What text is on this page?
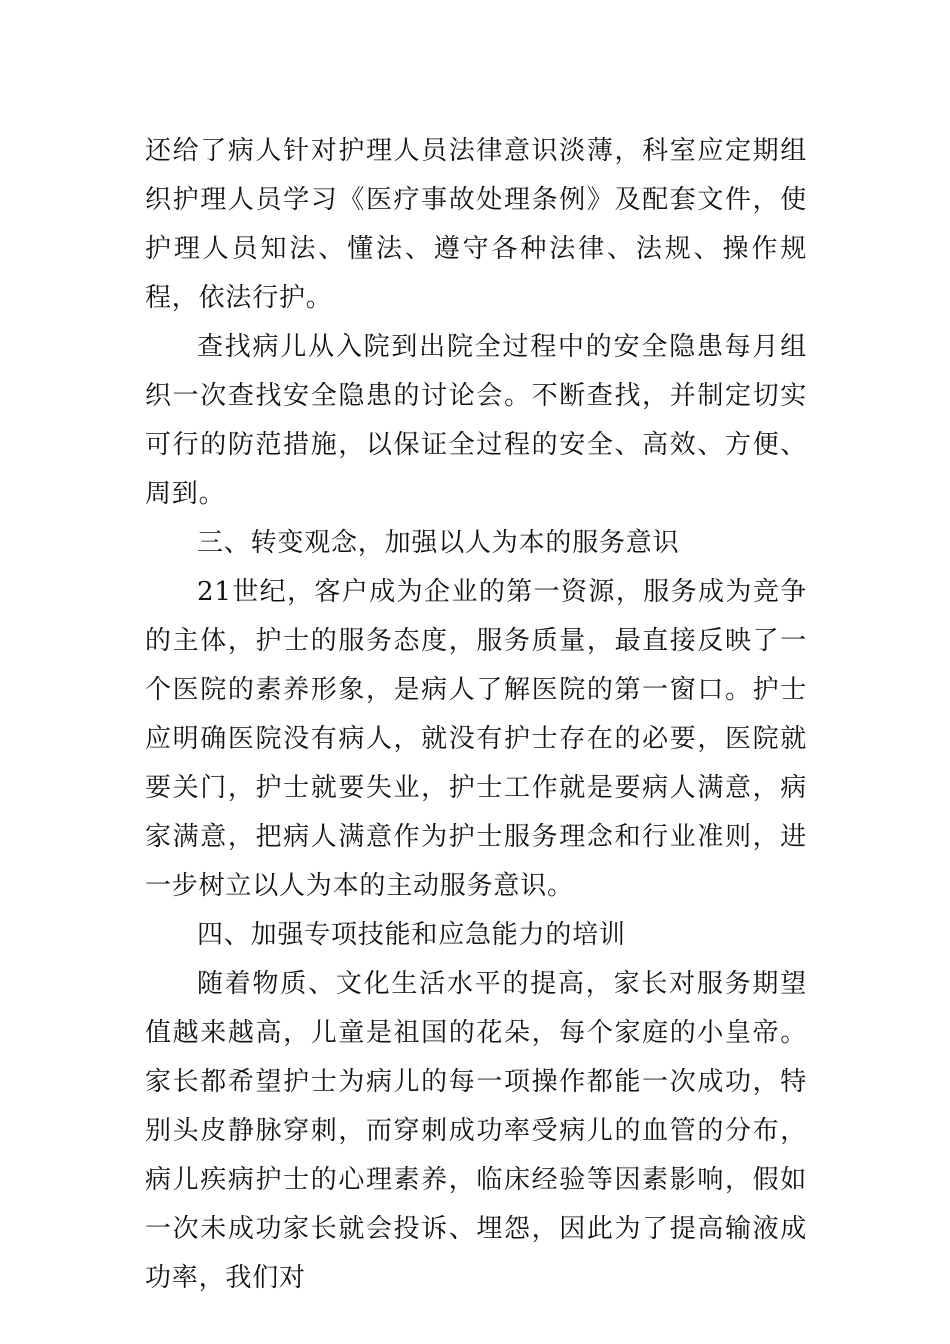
还给了病人针对护理人员法律意识淡薄，科室应定期组织护理人员学习《医疗事故处理条例》及配套文件，使护理人员知法、懂法、遵守各种法律、法规、操作规程，依法行护。

查找病儿从入院到出院全过程中的安全隐患每月组织一次查找安全隐患的讨论会。不断查找，并制定切实可行的防范措施，以保证全过程的安全、高效、方便、周到。

三、转变观念，加强以人为本的服务意识

21世纪，客户成为企业的第一资源，服务成为竞争的主体，护士的服务态度，服务质量，最直接反映了一个医院的素养形象，是病人了解医院的第一窗口。护士应明确医院没有病人，就没有护士存在的必要，医院就要关门，护士就要失业，护士工作就是要病人满意，病家满意，把病人满意作为护士服务理念和行业准则，进一步树立以人为本的主动服务意识。

四、加强专项技能和应急能力的培训

随着物质、文化生活水平的提高，家长对服务期望值越来越高，儿童是祖国的花朵，每个家庭的小皇帝。家长都希望护士为病儿的每一项操作都能一次成功，特别头皮静脉穿刺，而穿刺成功率受病儿的血管的分布，病儿疾病护士的心理素养，临床经验等因素影响，假如一次未成功家长就会投诉、埋怨，因此为了提高输液成功率，我们对
